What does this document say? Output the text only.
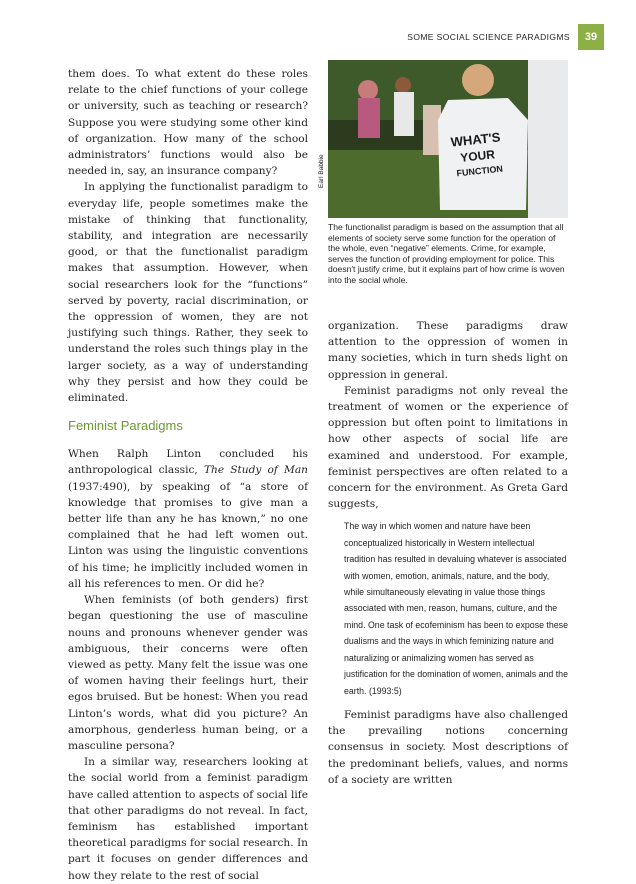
SOME SOCIAL SCIENCE PARADIGMS	39

them does. To what extent do these roles relate to the chief functions of your college or university, such as teaching or research? Suppose you were studying some other kind of organization. How many of the school administrators’ functions would also be needed in, say, an insurance company?

In applying the functionalist paradigm to everyday life, people sometimes make the mistake of thinking that functionality, stability, and integration are necessarily good, or that the functionalist paradigm makes that assumption. However, when social researchers look for the “functions” served by poverty, racial discrimination, or the oppression of women, they are not justifying such things. Rather, they seek to understand the roles such things play in the larger society, as a way of understanding why they persist and how they could be eliminated.

Feminist Paradigms

When Ralph Linton concluded his anthropological classic, The Study of Man (1937:490), by speaking of “a store of knowledge that promises to give man a better life than any he has known,” no one complained that he had left women out. Linton was using the linguistic conventions of his time; he implicitly included women in all his references to men. Or did he?

When feminists (of both genders) first began questioning the use of masculine nouns and pronouns whenever gender was ambiguous, their concerns were often viewed as petty. Many felt the issue was one of women having their feelings hurt, their egos bruised. But be honest: When you read Linton’s words, what did you picture? An amorphous, genderless human being, or a masculine persona?

In a similar way, researchers looking at the social world from a feminist paradigm have called attention to aspects of social life that other paradigms do not reveal. In fact, feminism has established important theoretical paradigms for social research. In part it focuses on gender differences and how they relate to the rest of social

WHAT'S
YOUR
FUNCTION
Earl Babbie
The functionalist paradigm is based on the assumption that all elements of society serve some function for the operation of the whole, even “negative” elements. Crime, for example, serves the function of providing employment for police. This doesn't justify crime, but it explains part of how crime is woven into the social whole.

organization. These paradigms draw attention to the oppression of women in many societies, which in turn sheds light on oppression in general.

Feminist paradigms not only reveal the treatment of women or the experience of oppression but often point to limitations in how other aspects of social life are examined and understood. For example, feminist perspectives are often related to a concern for the environment. As Greta Gard suggests,

The way in which women and nature have been conceptualized historically in Western intellectual tradition has resulted in devaluing whatever is associated with women, emotion, animals, nature, and the body, while simultaneously elevating in value those things associated with men, reason, humans, culture, and the mind. One task of ecofeminism has been to expose these dualisms and the ways in which feminizing nature and naturalizing or animalizing women has served as justification for the domination of women, animals and the earth. (1993:5)

Feminist paradigms have also challenged the prevailing notions concerning consensus in society. Most descriptions of the predominant beliefs, values, and norms of a society are written
